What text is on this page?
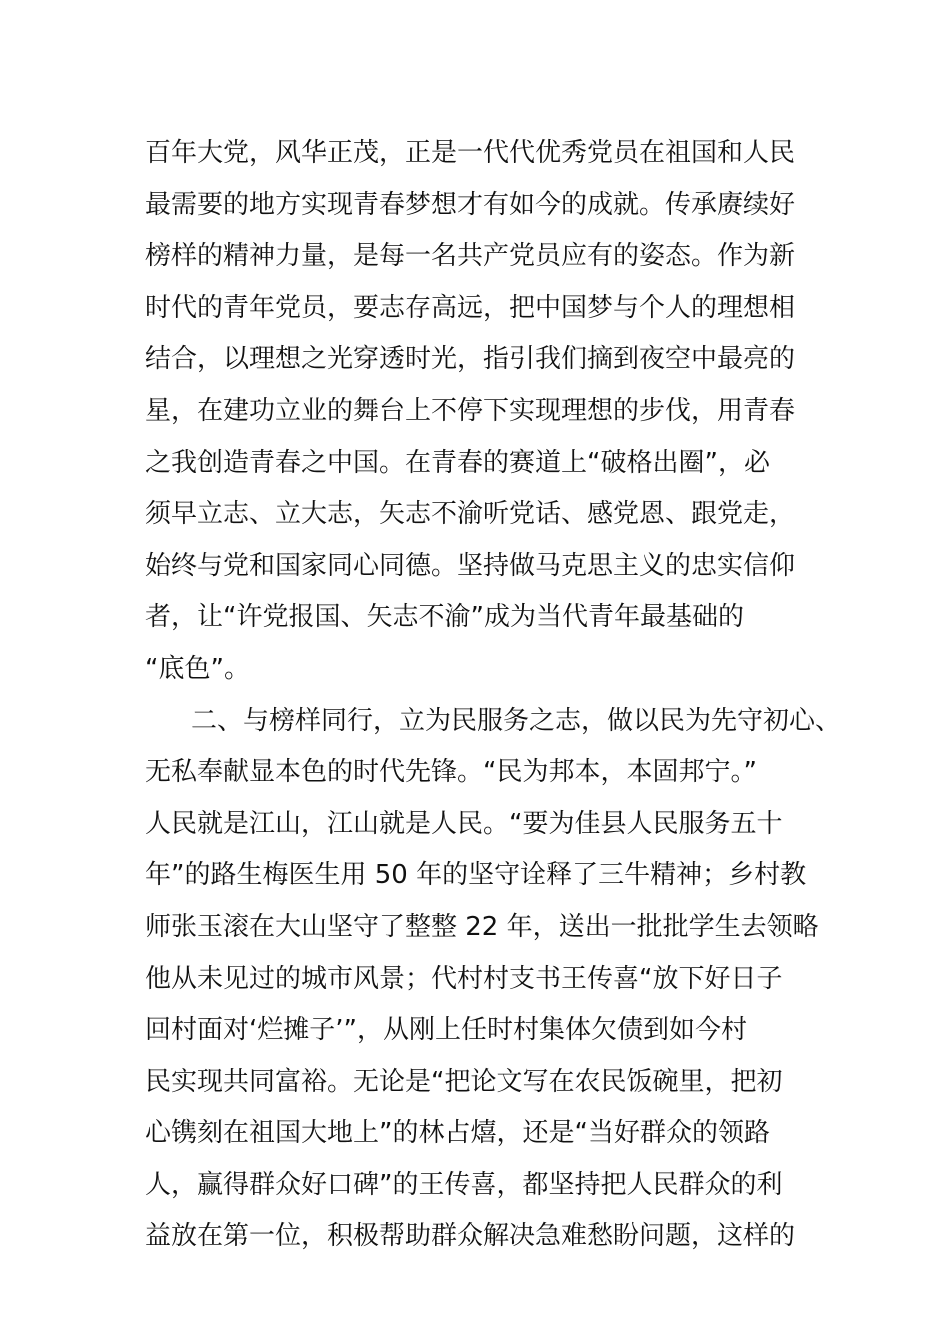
百年大党，风华正茂，正是一代代优秀党员在祖国和人民
最需要的地方实现青春梦想才有如今的成就。传承赓续好
榜样的精神力量，是每一名共产党员应有的姿态。作为新
时代的青年党员，要志存高远，把中国梦与个人的理想相
结合，以理想之光穿透时光，指引我们摘到夜空中最亮的
星，在建功立业的舞台上不停下实现理想的步伐，用青春
之我创造青春之中国。在青春的赛道上“破格出圈”，必
须早立志、立大志，矢志不渝听党话、感党恩、跟党走，
始终与党和国家同心同德。坚持做马克思主义的忠实信仰
者，让“许党报国、矢志不渝”成为当代青年最基础的
“底色”。
二、与榜样同行，立为民服务之志，做以民为先守初心、
无私奉献显本色的时代先锋。“民为邦本，本固邦宁。”
人民就是江山，江山就是人民。“要为佳县人民服务五十
年”的路生梅医生用 50 年的坚守诠释了三牛精神；乡村教
师张玉滚在大山坚守了整整 22 年，送出一批批学生去领略
他从未见过的城市风景；代村村支书王传喜“放下好日子
回村面对‘烂摊子’”，从刚上任时村集体欠债到如今村
民实现共同富裕。无论是“把论文写在农民饭碗里，把初
心镌刻在祖国大地上”的林占熺，还是“当好群众的领路
人，赢得群众好口碑”的王传喜，都坚持把人民群众的利
益放在第一位，积极帮助群众解决急难愁盼问题，这样的
